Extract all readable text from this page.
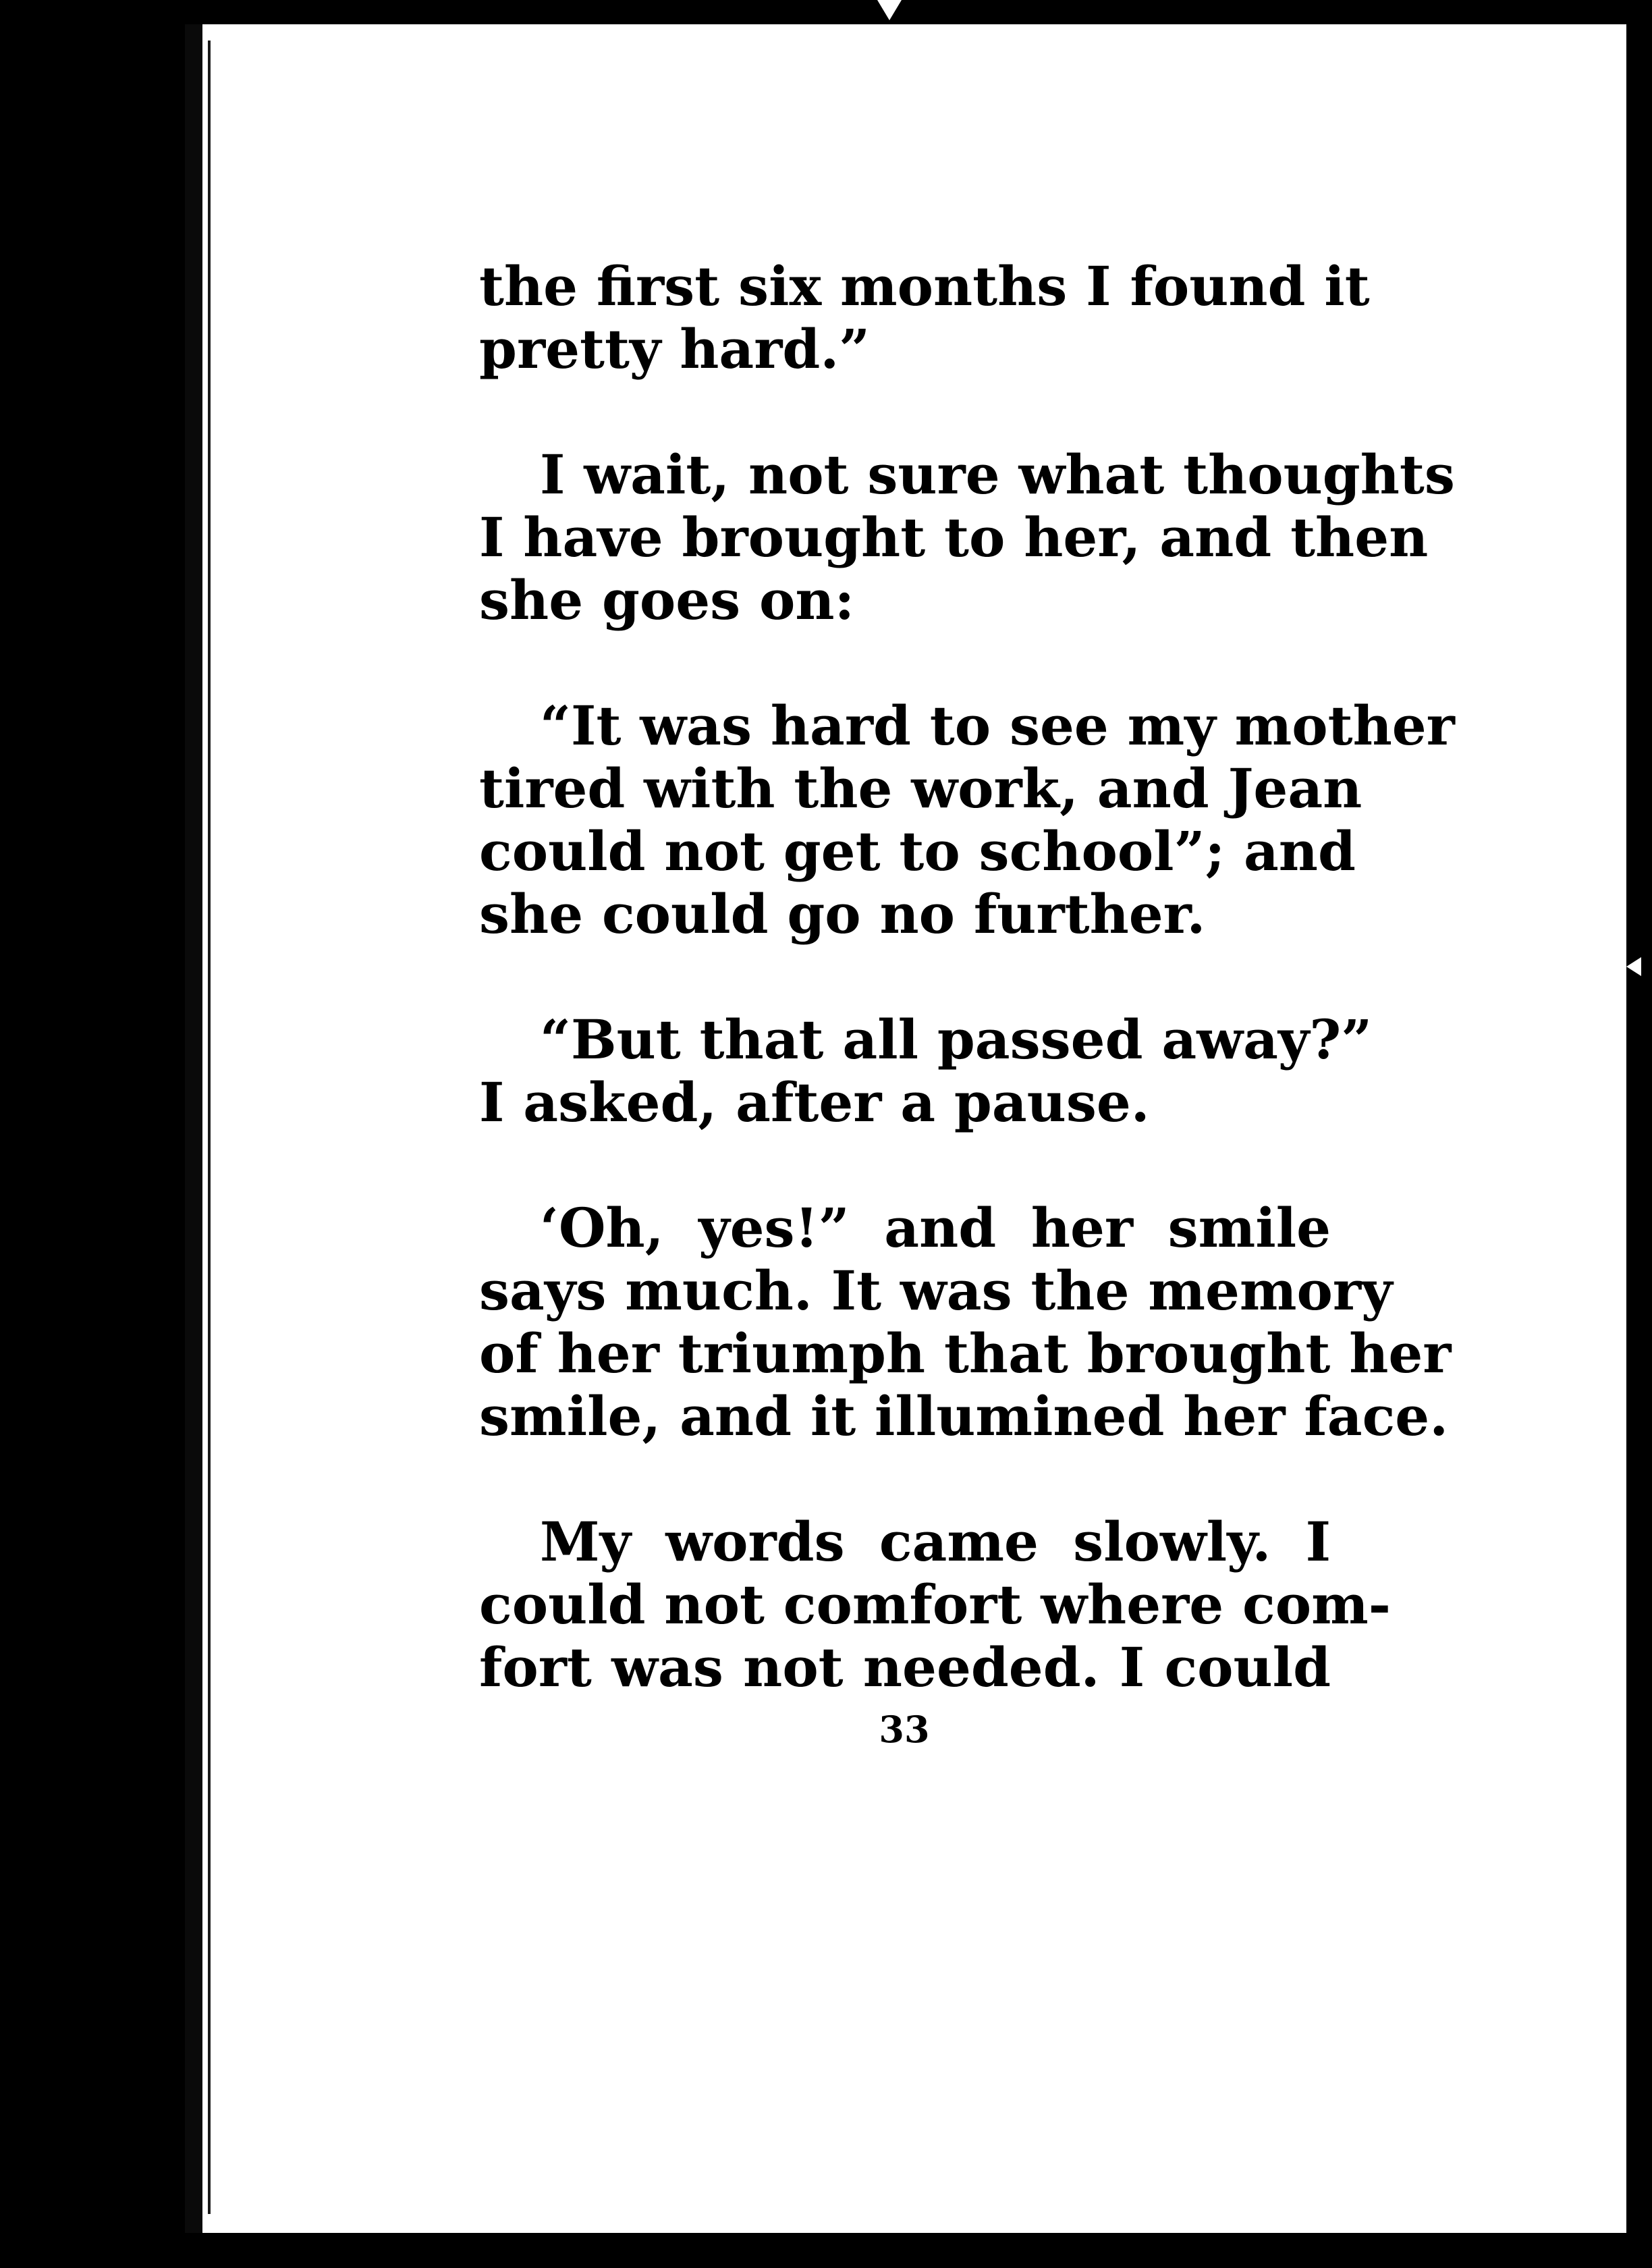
the first six months I found it
pretty hard.”

I wait, not sure what thoughts
I have brought to her, and then
she goes on:

“It was hard to see my mother
tired with the work, and Jean
could not get to school”; and
she could go no further.

“But that all passed away?”
I asked, after a pause.

‘Oh, yes!” and her smile
says much. It was the memory
of her triumph that brought her
smile, and it illumined her face.

My words came slowly. I
could not comfort where com-
fort was not needed. I could

33
